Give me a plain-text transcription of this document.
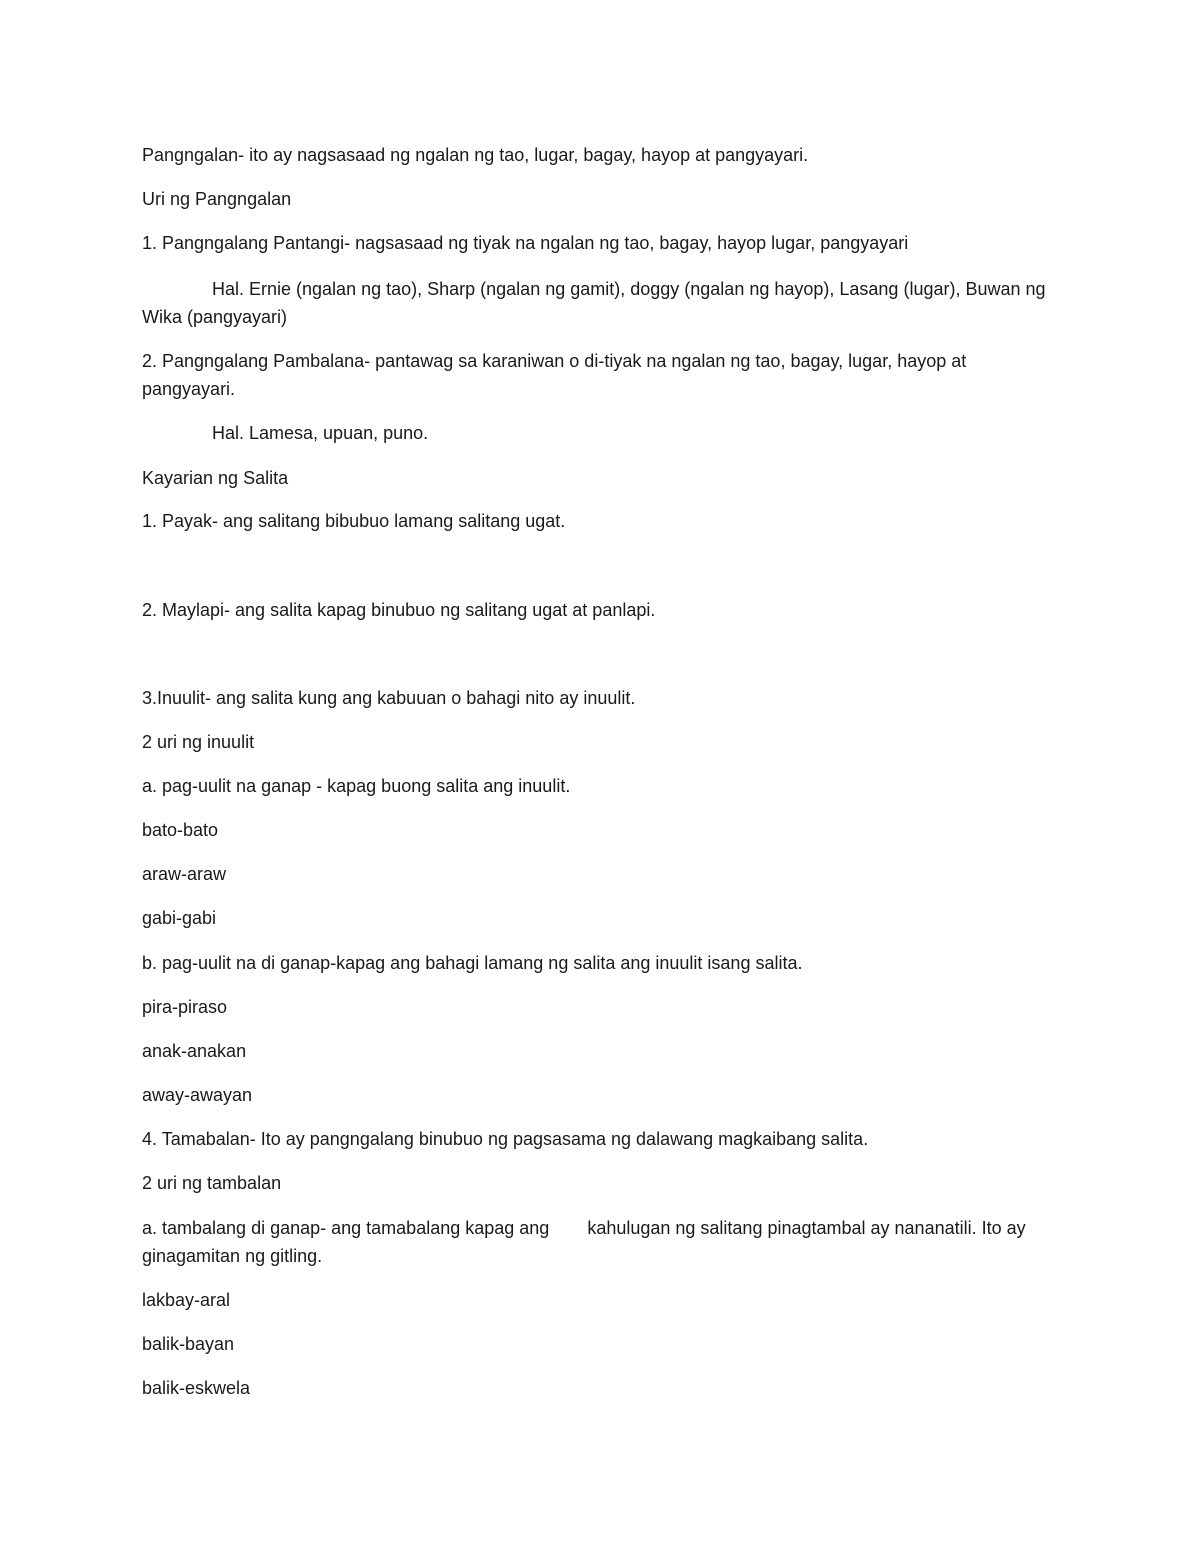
Pangngalan- ito ay nagsasaad ng ngalan ng tao, lugar, bagay, hayop at pangyayari.
Uri ng Pangngalan
1. Pangngalang Pantangi- nagsasaad ng tiyak na ngalan ng tao, bagay, hayop lugar, pangyayari
Hal. Ernie (ngalan ng tao), Sharp (ngalan ng gamit), doggy (ngalan ng hayop), Lasang (lugar), Buwan ng Wika (pangyayari)
2. Pangngalang Pambalana- pantawag sa karaniwan o di-tiyak na ngalan ng tao, bagay, lugar, hayop at pangyayari.
Hal. Lamesa, upuan, puno.
Kayarian ng Salita
1. Payak- ang salitang bibubuo lamang salitang ugat.
2. Maylapi- ang salita kapag binubuo ng salitang ugat at panlapi.
3.Inuulit- ang salita kung ang kabuuan o bahagi nito ay inuulit.
2 uri ng inuulit
a. pag-uulit na ganap - kapag buong salita ang inuulit.
bato-bato
araw-araw
gabi-gabi
b. pag-uulit na di ganap-kapag ang bahagi lamang ng salita ang inuulit isang salita.
pira-piraso
anak-anakan
away-awayan
4. Tamabalan- Ito ay pangngalang binubuo ng pagsasama ng dalawang magkaibang salita.
2 uri ng tambalan
a. tambalang di ganap- ang tamabalang kapag ang kahulugan ng salitang pinagtambal ay nananatili. Ito ay ginagamitan ng gitling.
lakbay-aral
balik-bayan
balik-eskwela
